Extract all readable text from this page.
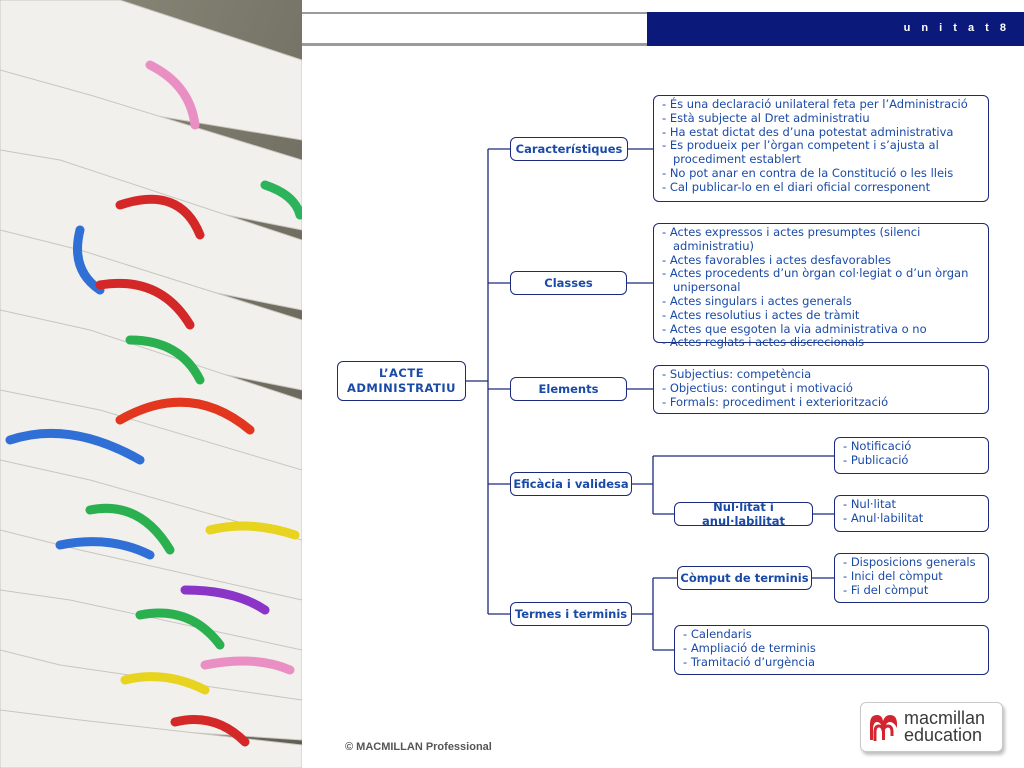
u n i t a t 8
L’ACTE
ADMINISTRATIU
Característiques
Classes
Elements
Eficàcia i validesa
Termes i terminis
Nul·litat i anul·labilitat
Còmput de terminis
- És una declaració unilateral feta per l’Administració
- Està subjecte al Dret administratiu
- Ha estat dictat des d’una potestat administrativa
- Es produeix per l’òrgan competent i s’ajusta al procediment establert
- No pot anar en contra de la Constitució o les lleis
- Cal publicar-lo en el diari oficial corresponent
- Actes expressos i actes presumptes (silenci administratiu)
- Actes favorables i actes desfavorables
- Actes procedents d’un òrgan col·legiat o d’un òrgan unipersonal
- Actes singulars i actes generals
- Actes resolutius i actes de tràmit
- Actes que esgoten la via administrativa o no
- Actes reglats i actes discrecionals
- Subjectius: competència
- Objectius: contingut i motivació
- Formals: procediment i exteriorització
- Notificació
- Publicació
- Nul·litat
- Anul·labilitat
- Disposicions generals
- Inici del còmput
- Fi del còmput
- Calendaris
- Ampliació de terminis
- Tramitació d’urgència
© MACMILLAN Professional
macmillan
education
